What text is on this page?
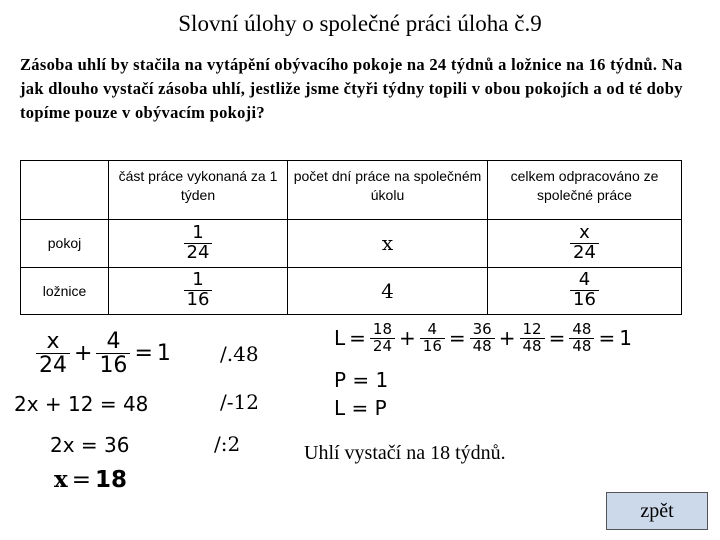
Slovní úlohy o společné práci úloha č.9
Zásoba uhlí by stačila na vytápění obývacího pokoje na 24 týdnů a ložnice na 16 týdnů. Na jak dlouho vystačí zásoba uhlí, jestliže jsme čtyři týdny topili v obou pokojích a od té doby topíme pouze v obývacím pokoji?
	část práce vykonaná za 1 týden	počet dní práce na společném úkolu	celkem odpracováno ze společné práce
pokoj	$\frac{1}{24}$	x	$\frac{x}{24}$

ložnice	$\frac{1}{16}$	4	$\frac{4}{16}$
$\frac{x}{24} + \frac{4}{16} = 1$ /.48
2x + 12 = 48	/-12
2x = 36	/:2
x = 18
$L = \frac{18}{24} + \frac{4}{16} = \frac{36}{48} + \frac{12}{48} = \frac{48}{48} = 1$
P = 1
L = P
Uhlí vystačí na 18 týdnů.
zpět
